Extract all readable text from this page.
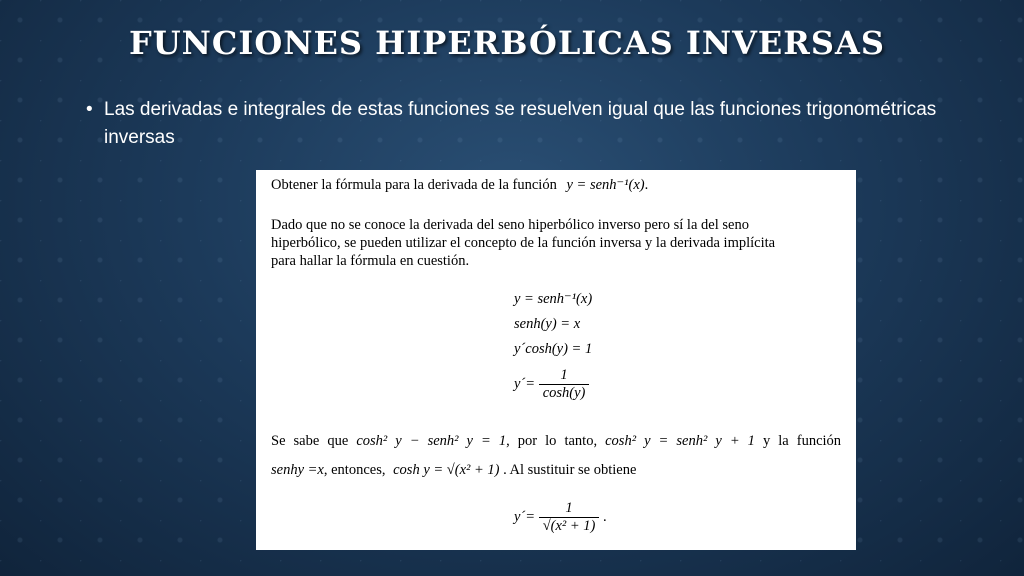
FUNCIONES HIPERBÓLICAS INVERSAS
• Las derivadas e integrales de estas funciones se resuelven igual que las funciones trigonométricas inversas
Obtener la fórmula para la derivada de la función y = senh⁻¹(x).
Dado que no se conoce la derivada del seno hiperbólico inverso pero sí la del seno
hiperbólico, se pueden utilizar el concepto de la función inversa y la derivada implícita
para hallar la fórmula en cuestión.
y = senh⁻¹(x)
senh(y) = x
y´cosh(y) = 1
y´= $\frac{1}{\cosh(y)}$
Se sabe que cosh² y − senh² y = 1, por lo tanto, cosh² y = senh² y + 1 y la función
senhy =x, entonces, cosh y = √(x² + 1) . Al sustituir se obtiene
y´= $\frac{1}{\text{√(x² + 1)}}$ .
